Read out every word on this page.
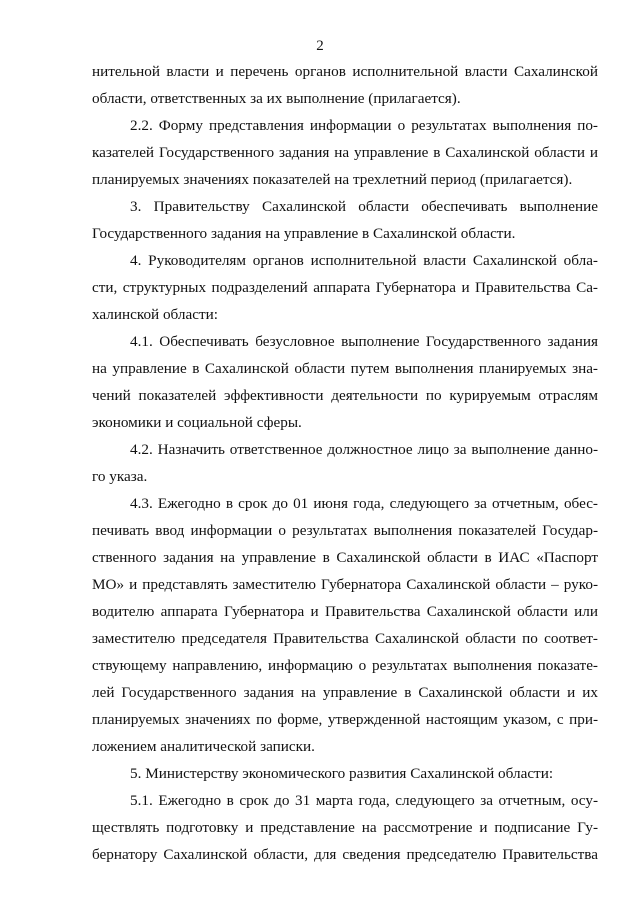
2
нительной власти и перечень органов исполнительной власти Сахалинской
области, ответственных за их выполнение (прилагается).
2.2. Форму представления информации о результатах выполнения по-
казателей Государственного задания на управление в Сахалинской области и
планируемых значениях показателей на трехлетний период (прилагается).
3. Правительству Сахалинской области обеспечивать выполнение
Государственного задания на управление в Сахалинской области.
4. Руководителям органов исполнительной власти Сахалинской обла-
сти, структурных подразделений аппарата Губернатора и Правительства Са-
халинской области:
4.1. Обеспечивать безусловное выполнение Государственного задания
на управление в Сахалинской области путем выполнения планируемых зна-
чений показателей эффективности деятельности по курируемым отраслям
экономики и социальной сферы.
4.2. Назначить ответственное должностное лицо за выполнение данно-
го указа.
4.3. Ежегодно в срок до 01 июня года, следующего за отчетным, обес-
печивать ввод информации о результатах выполнения показателей Государ-
ственного задания на управление в Сахалинской области в ИАС «Паспорт
МО» и представлять заместителю Губернатора Сахалинской области – руко-
водителю аппарата Губернатора и Правительства Сахалинской области или
заместителю председателя Правительства Сахалинской области по соответ-
ствующему направлению, информацию о результатах выполнения показате-
лей Государственного задания на управление в Сахалинской области и их
планируемых значениях по форме, утвержденной настоящим указом, с при-
ложением аналитической записки.
5. Министерству экономического развития Сахалинской области:
5.1. Ежегодно в срок до 31 марта года, следующего за отчетным, осу-
ществлять подготовку и представление на рассмотрение и подписание Гу-
бернатору Сахалинской области, для сведения председателю Правительства
